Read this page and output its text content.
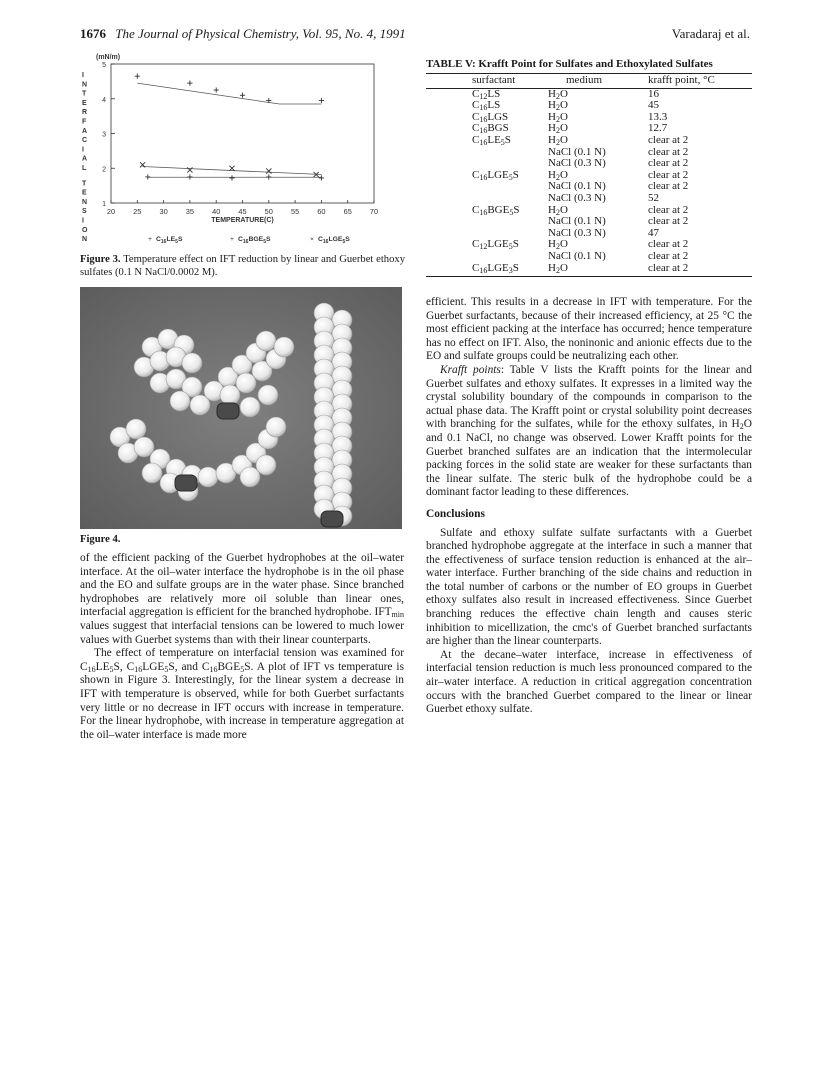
1676 The Journal of Physical Chemistry, Vol. 95, No. 4, 1991	Varadaraj et al.
(mN/m)
I
N
T
E
R
F
A
C
I
A
L
T
E
N
S
I
O
N
1
2
3
4
5
20 25 30 35 40 45 50 55 60 65 70
TEMPERATURE(C)
+ $C_{16}LE_5S$	+ $C_{16}BGE_5S$	× $C_{16}LGE_5S$
Figure 3. Temperature effect on IFT reduction by linear and Guerbet ethoxy sulfates (0.1 N NaCl/0.0002 M).
Figure 4.

of the efficient packing of the Guerbet hydrophobes at the oil–water interface. At the oil–water interface the hydrophobe is in the oil phase and the EO and sulfate groups are in the water phase. Since branched hydrophobes are relatively more oil soluble than linear ones, interfacial aggregation is efficient for the branched hydrophobe. $IFT_{min}$ values suggest that interfacial tensions can be lowered to much lower values with Guerbet systems than with their linear counterparts.

The effect of temperature on interfacial tension was examined for $C_{16}LE_5S$, $C_{16}LGE_5S$, and $C_{16}BGE_5S$. A plot of IFT vs temperature is shown in Figure 3. Interestingly, for the linear system a decrease in IFT with temperature is observed, while for both Guerbet surfactants very little or no decrease in IFT occurs with increase in temperature. For the linear hydrophobe, with increase in temperature aggregation at the oil–water interface is made more

TABLE V: Krafft Point for Sulfates and Ethoxylated Sulfates
surfactant	medium	krafft point, °C
$C_{12}LS$	$H_2O$	16
$C_{16}LS$	$H_2O$	45
$C_{16}LGS$	$H_2O$	13.3
$C_{16}BGS$	$H_2O$	12.7
$C_{16}LE_5S$	$H_2O$	clear at 2
	NaCl (0.1 N)	clear at 2
	NaCl (0.3 N)	clear at 2
$C_{16}LGE_5S$	$H_2O$	clear at 2
	NaCl (0.1 N)	clear at 2
	NaCl (0.3 N)	52
$C_{16}BGE_5S$	$H_2O$	clear at 2
	NaCl (0.1 N)	clear at 2
	NaCl (0.3 N)	47
$C_{12}LGE_5S$	$H_2O$	clear at 2
	NaCl (0.1 N)	clear at 2
$C_{16}LGE_3S$	$H_2O$	clear at 2

efficient. This results in a decrease in IFT with temperature. For the Guerbet surfactants, because of their increased efficiency, at 25 °C the most efficient packing at the interface has occurred; hence temperature has no effect on IFT. Also, the noninonic and anionic effects due to the EO and sulfate groups could be neutralizing each other.

Krafft points: Table V lists the Krafft points for the linear and Guerbet sulfates and ethoxy sulfates. It expresses in a limited way the crystal solubility boundary of the compounds in comparison to the actual phase data. The Krafft point or crystal solubility point decreases with branching for the sulfates, while for the ethoxy sulfates, in $H_2O$ and 0.1 NaCl, no change was observed. Lower Krafft points for the Guerbet branched sulfates are an indication that the intermolecular packing forces in the solid state are weaker for these surfactants than the linear sulfate. The steric bulk of the hydrophobe could be a dominant factor leading to these differences.

Conclusions

Sulfate and ethoxy sulfate sulfate surfactants with a Guerbet branched hydrophobe aggregate at the interface in such a manner that the effectiveness of surface tension reduction is enhanced at the air–water interface. Further branching of the side chains and reduction in the total number of carbons or the number of EO groups in Guerbet ethoxy sulfates also result in increased effectiveness. Since Guerbet branching reduces the effective chain length and causes steric inhibition to micellization, the cmc's of Guerbet branched surfactants are higher than the linear counterparts.

At the decane–water interface, increase in effectiveness of interfacial tension reduction is much less pronounced compared to the air–water interface. A reduction in critical aggregation concentration occurs with the branched Guerbet compared to the linear or linear Guerbet ethoxy sulfate.
